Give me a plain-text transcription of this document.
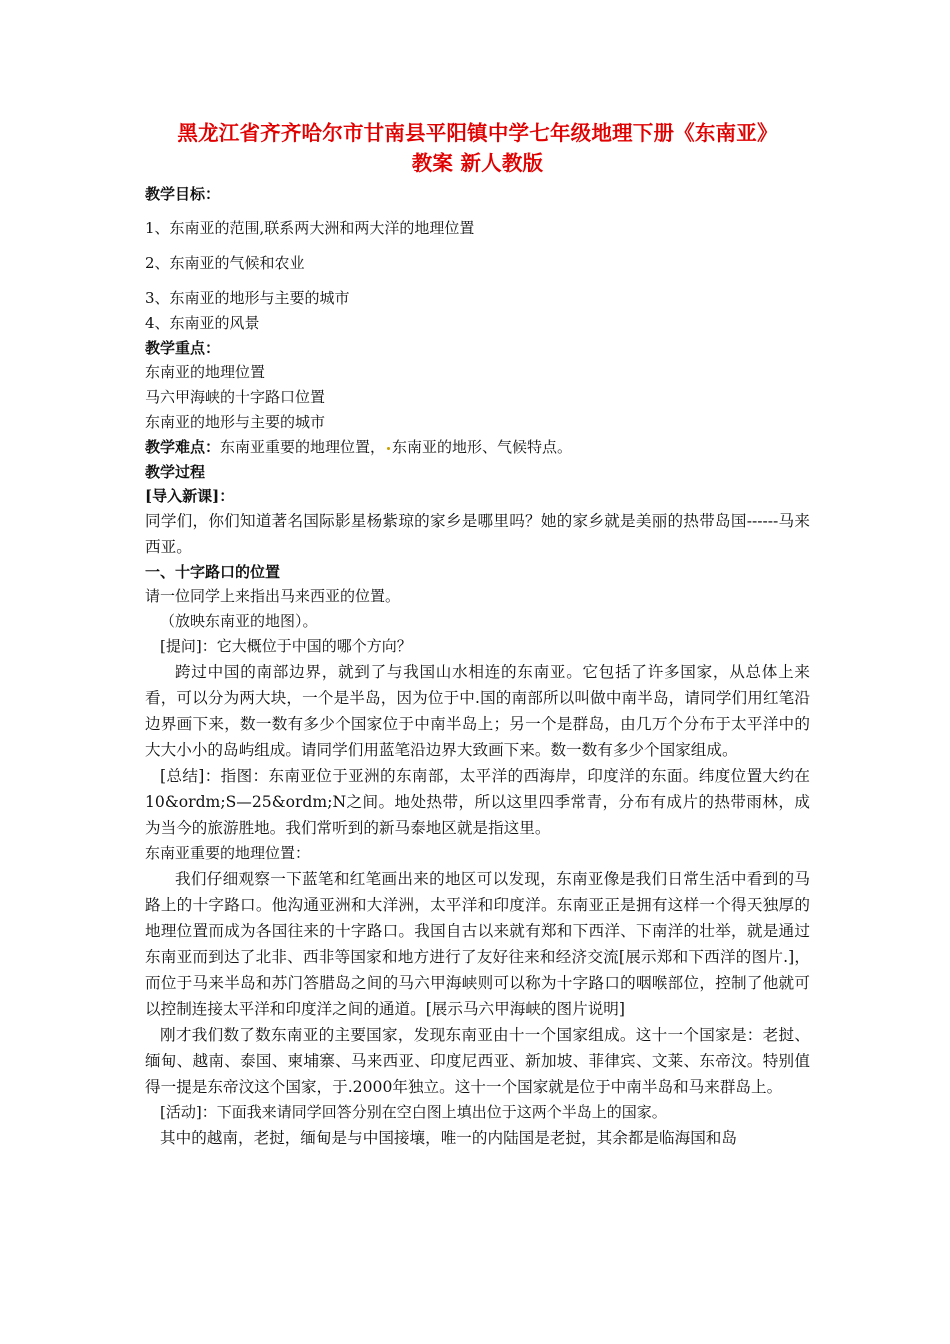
黑龙江省齐齐哈尔市甘南县平阳镇中学七年级地理下册《东南亚》
教案 新人教版
教学目标：
1、东南亚的范围,联系两大洲和两大洋的地理位置
2、东南亚的气候和农业
3、东南亚的地形与主要的城市
4、东南亚的风景
教学重点：
东南亚的地理位置
马六甲海峡的十字路口位置
东南亚的地形与主要的城市
教学难点：东南亚重要的地理位置， 东南亚的地形、气候特点。
教学过程
[导入新课]：
同学们，你们知道著名国际影星杨紫琼的家乡是哪里吗？她的家乡就是美丽的热带岛国------马来西亚。
一、十字路口的位置
请一位同学上来指出马来西亚的位置。
（放映东南亚的地图）。
[提问]：它大概位于中国的哪个方向？
跨过中国的南部边界，就到了与我国山水相连的东南亚。它包括了许多国家，从总体上来看，可以分为两大块，一个是半岛，因为位于中.国的南部所以叫做中南半岛，请同学们用红笔沿边界画下来，数一数有多少个国家位于中南半岛上；另一个是群岛，由几万个分布于太平洋中的大大小小的岛屿组成。请同学们用蓝笔沿边界大致画下来。数一数有多少个国家组成。
[总结]：指图：东南亚位于亚洲的东南部，太平洋的西海岸，印度洋的东面。纬度位置大约在10&ordm;S—25&ordm;N之间。地处热带，所以这里四季常青，分布有成片的热带雨林，成为当今的旅游胜地。我们常听到的新马泰地区就是指这里。
东南亚重要的地理位置：
我们仔细观察一下蓝笔和红笔画出来的地区可以发现，东南亚像是我们日常生活中看到的马路上的十字路口。他沟通亚洲和大洋洲，太平洋和印度洋。东南亚正是拥有这样一个得天独厚的地理位置而成为各国往来的十字路口。我国自古以来就有郑和下西洋、下南洋的壮举，就是通过东南亚而到达了北非、西非等国家和地方进行了友好往来和经济交流[展示郑和下西洋的图片.]，而位于马来半岛和苏门答腊岛之间的马六甲海峡则可以称为十字路口的咽喉部位，控制了他就可以控制连接太平洋和印度洋之间的通道。[展示马六甲海峡的图片说明]
刚才我们数了数东南亚的主要国家，发现东南亚由十一个国家组成。这十一个国家是：老挝、缅甸、越南、泰国、柬埔寨、马来西亚、印度尼西亚、新加坡、菲律宾、文莱、东帝汶。特别值得一提是东帝汶这个国家，于.2000年独立。这十一个国家就是位于中南半岛和马来群岛上。
[活动]：下面我来请同学回答分别在空白图上填出位于这两个半岛上的国家。
其中的越南，老挝，缅甸是与中国接壤，唯一的内陆国是老挝，其余都是临海国和岛
